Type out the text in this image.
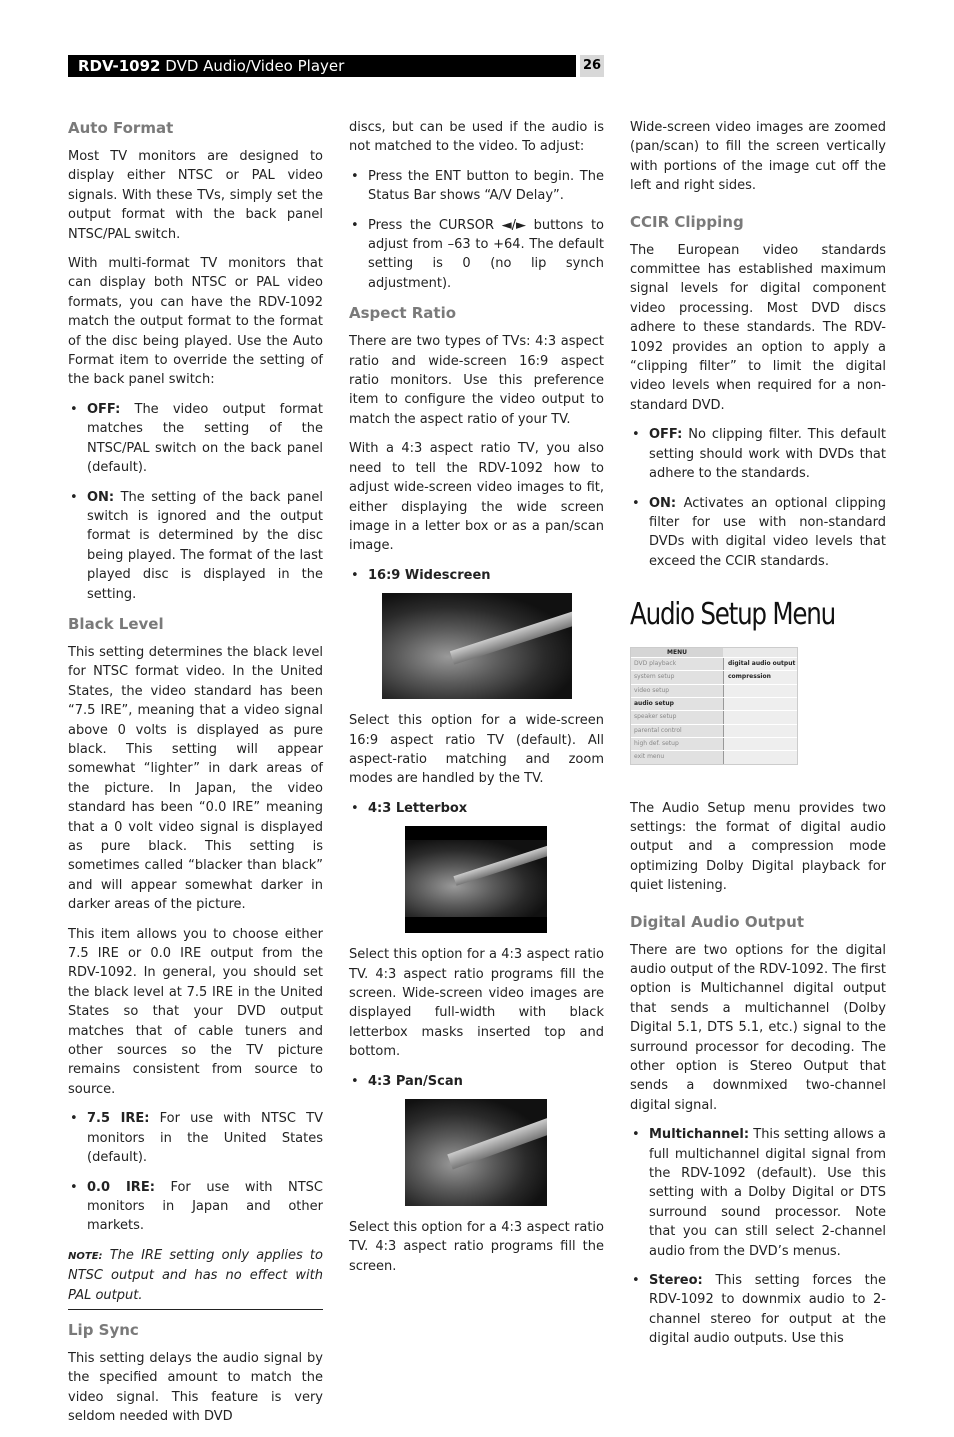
RDV-1092 DVD Audio/Video Player	26
Auto Format

Most TV monitors are designed to display either NTSC or PAL video signals. With these TVs, simply set the output format with the back panel NTSC/PAL switch.

With multi-format TV monitors that can display both NTSC or PAL video formats, you can have the RDV-1092 match the output format to the format of the disc being played. Use the Auto Format item to override the setting of the back panel switch:

• OFF: The video output format matches the setting of the NTSC/PAL switch on the back panel (default).
• ON: The setting of the back panel switch is ignored and the output format is determined by the disc being played. The format of the last played disc is displayed in the setting.
Black Level

This setting determines the black level for NTSC format video. In the United States, the video standard has been “7.5 IRE”, meaning that a video signal above 0 volts is displayed as pure black. This setting will appear somewhat “lighter” in dark areas of the picture. In Japan, the video standard has been “0.0 IRE” meaning that a 0 volt video signal is displayed as pure black. This setting is sometimes called “blacker than black” and will appear somewhat darker in darker areas of the picture.

This item allows you to choose either 7.5 IRE or 0.0 IRE output from the RDV-1092. In general, you should set the black level at 7.5 IRE in the United States so that your DVD output matches that of cable tuners and other sources so the TV picture remains consistent from source to source.

• 7.5 IRE: For use with NTSC TV monitors in the United States (default).
• 0.0 IRE: For use with NTSC monitors in Japan and other markets.

NOTE: The IRE setting only applies to NTSC output and has no effect with PAL output.

Lip Sync

This setting delays the audio signal by the specified amount to match the video signal. This feature is very seldom needed with DVD

discs, but can be used if the audio is not matched to the video. To adjust:

• Press the ENT button to begin. The Status Bar shows “A/V Delay”.
• Press the CURSOR ◄/► buttons to adjust from –63 to +64. The default setting is 0 (no lip synch adjustment).
Aspect Ratio

There are two types of TVs: 4:3 aspect ratio and wide-screen 16:9 aspect ratio monitors. Use this preference item to configure the video output to match the aspect ratio of your TV.

With a 4:3 aspect ratio TV, you also need to tell the RDV-1092 how to adjust wide-screen video images to fit, either displaying the wide screen image in a letter box or as a pan/scan image.

• 16:9 Widescreen

Select this option for a wide-screen 16:9 aspect ratio TV (default). All aspect-ratio matching and zoom modes are handled by the TV.

• 4:3 Letterbox

Select this option for a 4:3 aspect ratio TV. 4:3 aspect ratio programs fill the screen. Wide-screen video images are displayed full-width with black letterbox masks inserted top and bottom.

• 4:3 Pan/Scan

Select this option for a 4:3 aspect ratio TV. 4:3 aspect ratio programs fill the screen.

Wide-screen video images are zoomed (pan/scan) to fill the screen vertically with portions of the image cut off the left and right sides.

CCIR Clipping

The European video standards committee has established maximum signal levels for digital component video processing. Most DVD discs adhere to these standards. The RDV-1092 provides an option to apply a “clipping filter” to limit the digital video levels when required for a non-standard DVD.

• OFF: No clipping filter. This default setting should work with DVDs that adhere to the standards.
• ON: Activates an optional clipping filter for use with non-standard DVDs with digital video levels that exceed the CCIR standards.
Audio Setup Menu
MENU
DVD playback	digital audio output
system setup	compression
video setup
audio setup
speaker setup
parental control
high def. setup
exit menu

The Audio Setup menu provides two settings: the format of digital audio output and a compression mode optimizing Dolby Digital playback for quiet listening.

Digital Audio Output

There are two options for the digital audio output of the RDV-1092. The first option is Multichannel digital output that sends a multichannel (Dolby Digital 5.1, DTS 5.1, etc.) signal to the surround processor for decoding. The other option is Stereo Output that sends a downmixed two-channel digital signal.

• Multichannel: This setting allows a full multichannel digital signal from the RDV-1092 (default). Use this setting with a Dolby Digital or DTS surround sound processor. Note that you can still select 2-channel audio from the DVD’s menus.
• Stereo: This setting forces the RDV-1092 to downmix audio to 2-channel stereo for output at the digital audio outputs. Use this
